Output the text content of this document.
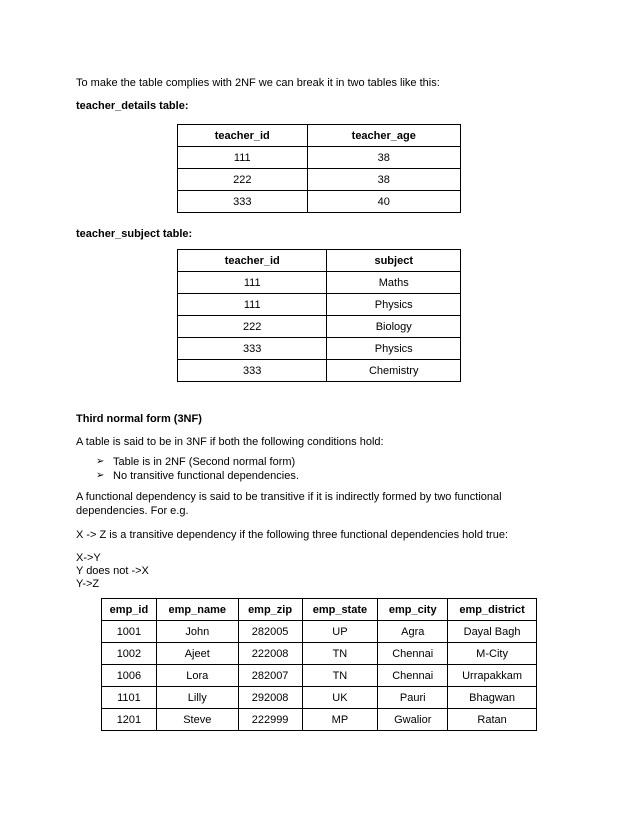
To make the table complies with 2NF we can break it in two tables like this:

teacher_details table:

teacher_id	teacher_age
111	38
222	38
333	40

teacher_subject table:

teacher_id	subject
111	Maths
111	Physics
222	Biology
333	Physics
333	Chemistry

Third normal form (3NF)

A table is said to be in 3NF if both the following conditions hold:

➢ Table is in 2NF (Second normal form)
➢ No transitive functional dependencies.

A functional dependency is said to be transitive if it is indirectly formed by two functional dependencies. For e.g.

X -> Z is a transitive dependency if the following three functional dependencies hold true:

X->Y
Y does not ->X
Y->Z
emp_id	emp_name	emp_zip	emp_state	emp_city	emp_district
1001	John	282005	UP	Agra	Dayal Bagh
1002	Ajeet	222008	TN	Chennai	M-City
1006	Lora	282007	TN	Chennai	Urrapakkam
1101	Lilly	292008	UK	Pauri	Bhagwan
1201	Steve	222999	MP	Gwalior	Ratan
